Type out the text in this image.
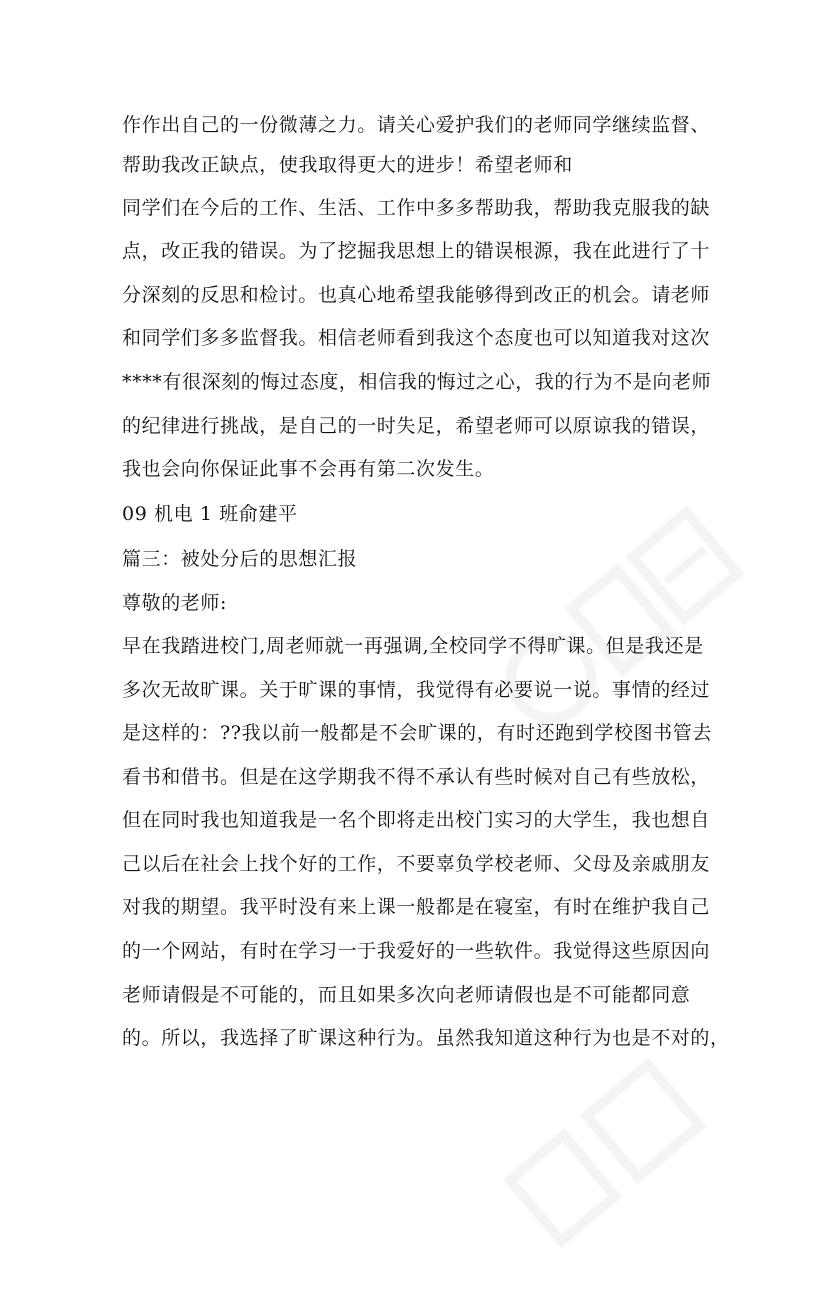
作作出自己的一份微薄之力。请关心爱护我们的老师同学继续监督、
帮助我改正缺点，使我取得更大的进步！希望老师和
同学们在今后的工作、生活、工作中多多帮助我，帮助我克服我的缺
点，改正我的错误。为了挖掘我思想上的错误根源，我在此进行了十
分深刻的反思和检讨。也真心地希望我能够得到改正的机会。请老师
和同学们多多监督我。相信老师看到我这个态度也可以知道我对这次
****有很深刻的悔过态度，相信我的悔过之心，我的行为不是向老师
的纪律进行挑战，是自己的一时失足，希望老师可以原谅我的错误，
我也会向你保证此事不会再有第二次发生。
09 机电 1 班俞建平
篇三：被处分后的思想汇报
尊敬的老师:
早在我踏进校门,周老师就一再强调,全校同学不得旷课。但是我还是
多次无故旷课。关于旷课的事情，我觉得有必要说一说。事情的经过
是这样的：??我以前一般都是不会旷课的，有时还跑到学校图书管去
看书和借书。但是在这学期我不得不承认有些时候对自己有些放松，
但在同时我也知道我是一名个即将走出校门实习的大学生，我也想自
己以后在社会上找个好的工作，不要辜负学校老师、父母及亲戚朋友
对我的期望。我平时没有来上课一般都是在寝室，有时在维护我自己
的一个网站，有时在学习一于我爱好的一些软件。我觉得这些原因向
老师请假是不可能的，而且如果多次向老师请假也是不可能都同意
的。所以，我选择了旷课这种行为。虽然我知道这种行为也是不对的，
